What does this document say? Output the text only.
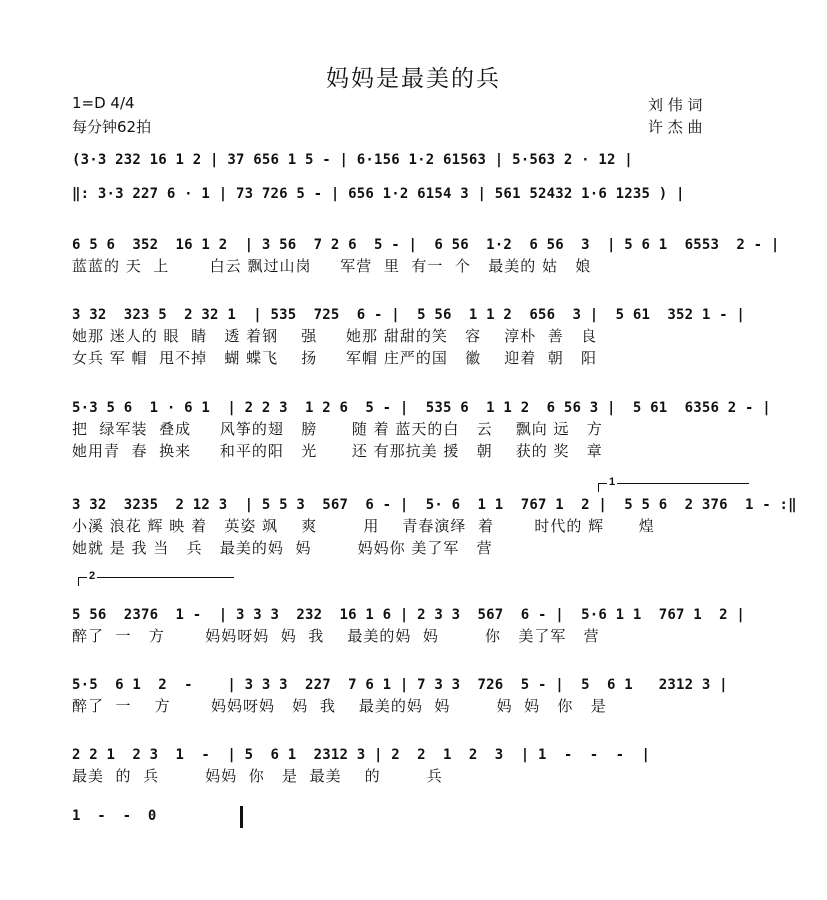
妈妈是最美的兵
1=D 4/4
每分钟62拍
刘 伟 词
许 杰 曲
(3·3 232 16 1 2 | 37 656 1 5 - | 6·156 1·2 61563 | 5·563 2 · 12 |
‖: 3·3 227 6 · 1 | 73 726 5 - | 656 1·2 6154 3 | 561 52432 1·6 1235 ) |
6 5 6  352  16 1 2  | 3 56  7 2 6  5 - |  6 56  1·2  6 56  3  | 5 6 1  6553  2 - |
蓝蓝的 天  上       白云 飘过山岗     军营  里  有一  个   最美的 姑   娘
3 32  323 5  2 32 1  | 535  725  6 - |  5 56  1 1 2  656  3 |  5 61  352 1 - |
她那 迷人的 眼  睛   透 着钢    强     她那 甜甜的笑   容    淳朴  善   良
女兵 军 帽  甩不掉   蝴 蝶飞    扬     军帽 庄严的国   徽    迎着  朝   阳
5·3 5 6  1 · 6 1  | 2 2 3  1 2 6  5 - |  535 6  1 1 2  6 56 3 |  5 61  6356 2 - |
把  绿军装  叠成     风筝的翅   膀      随 着 蓝天的白   云    飘向 远   方
她用青  春  换来     和平的阳   光      还 有那抗美 援   朝    获的 奖   章
1
3 32  3235  2 12 3  | 5 5 3  567  6 - |  5· 6  1 1  767 1  2 |  5 5 6  2 376  1 - :‖
小溪 浪花 辉 映 着   英姿 飒    爽        用    青春演绎  着       时代的 辉      煌
她就 是 我 当   兵   最美的妈  妈        妈妈你 美了军   营
2
5 56  2376  1 -  | 3 3 3  232  16 1 6 | 2 3 3  567  6 - |  5·6 1 1  767 1  2 |
醉了  一   方       妈妈呀妈  妈  我    最美的妈  妈        你   美了军   营
5·5  6 1  2  -    | 3 3 3  227  7 6 1 | 7 3 3  726  5 - |  5  6 1   2312 3 |
醉了  一    方       妈妈呀妈   妈  我    最美的妈  妈        妈  妈   你   是
2 2 1  2 3  1  -  | 5  6 1  2312 3 | 2  2  1  2  3  | 1  -  -  -  |
最美  的  兵        妈妈  你   是  最美    的        兵
1  -  -  0
